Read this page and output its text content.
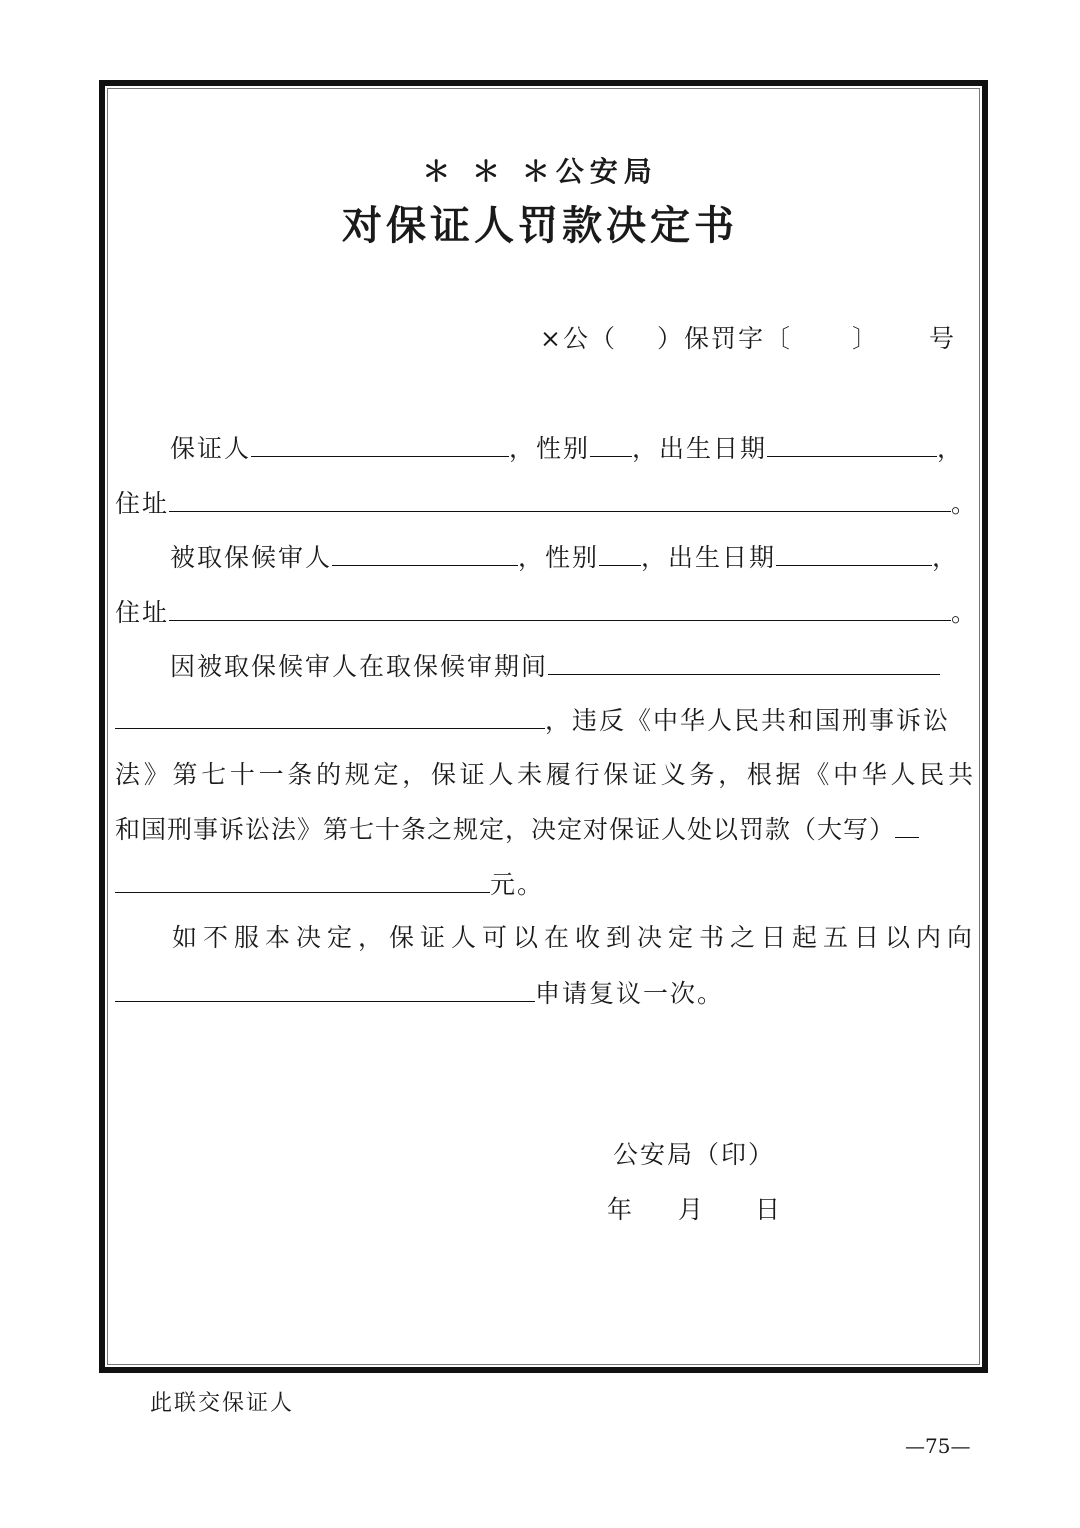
＊ ＊ ＊公安局
对保证人罚款决定书
×公（ ）保罚字〔 〕 号
保证人	，性别 ，出生日期	，
住址	。
被取保候审人	，性别 ，出生日期	，
住址	。
因被取保候审人在取保候审期间
，违反《中华人民共和国刑事诉讼
法》第七十一条的规定，保证人未履行保证义务，根据《中华人民共
和国刑事诉讼法》第七十条之规定，决定对保证人处以罚款（大写）
元。
如不服本决定，保证人可以在收到决定书之日起五日以内向
申请复议一次。
公安局（印）
年 月 日
此联交保证人
—75—
